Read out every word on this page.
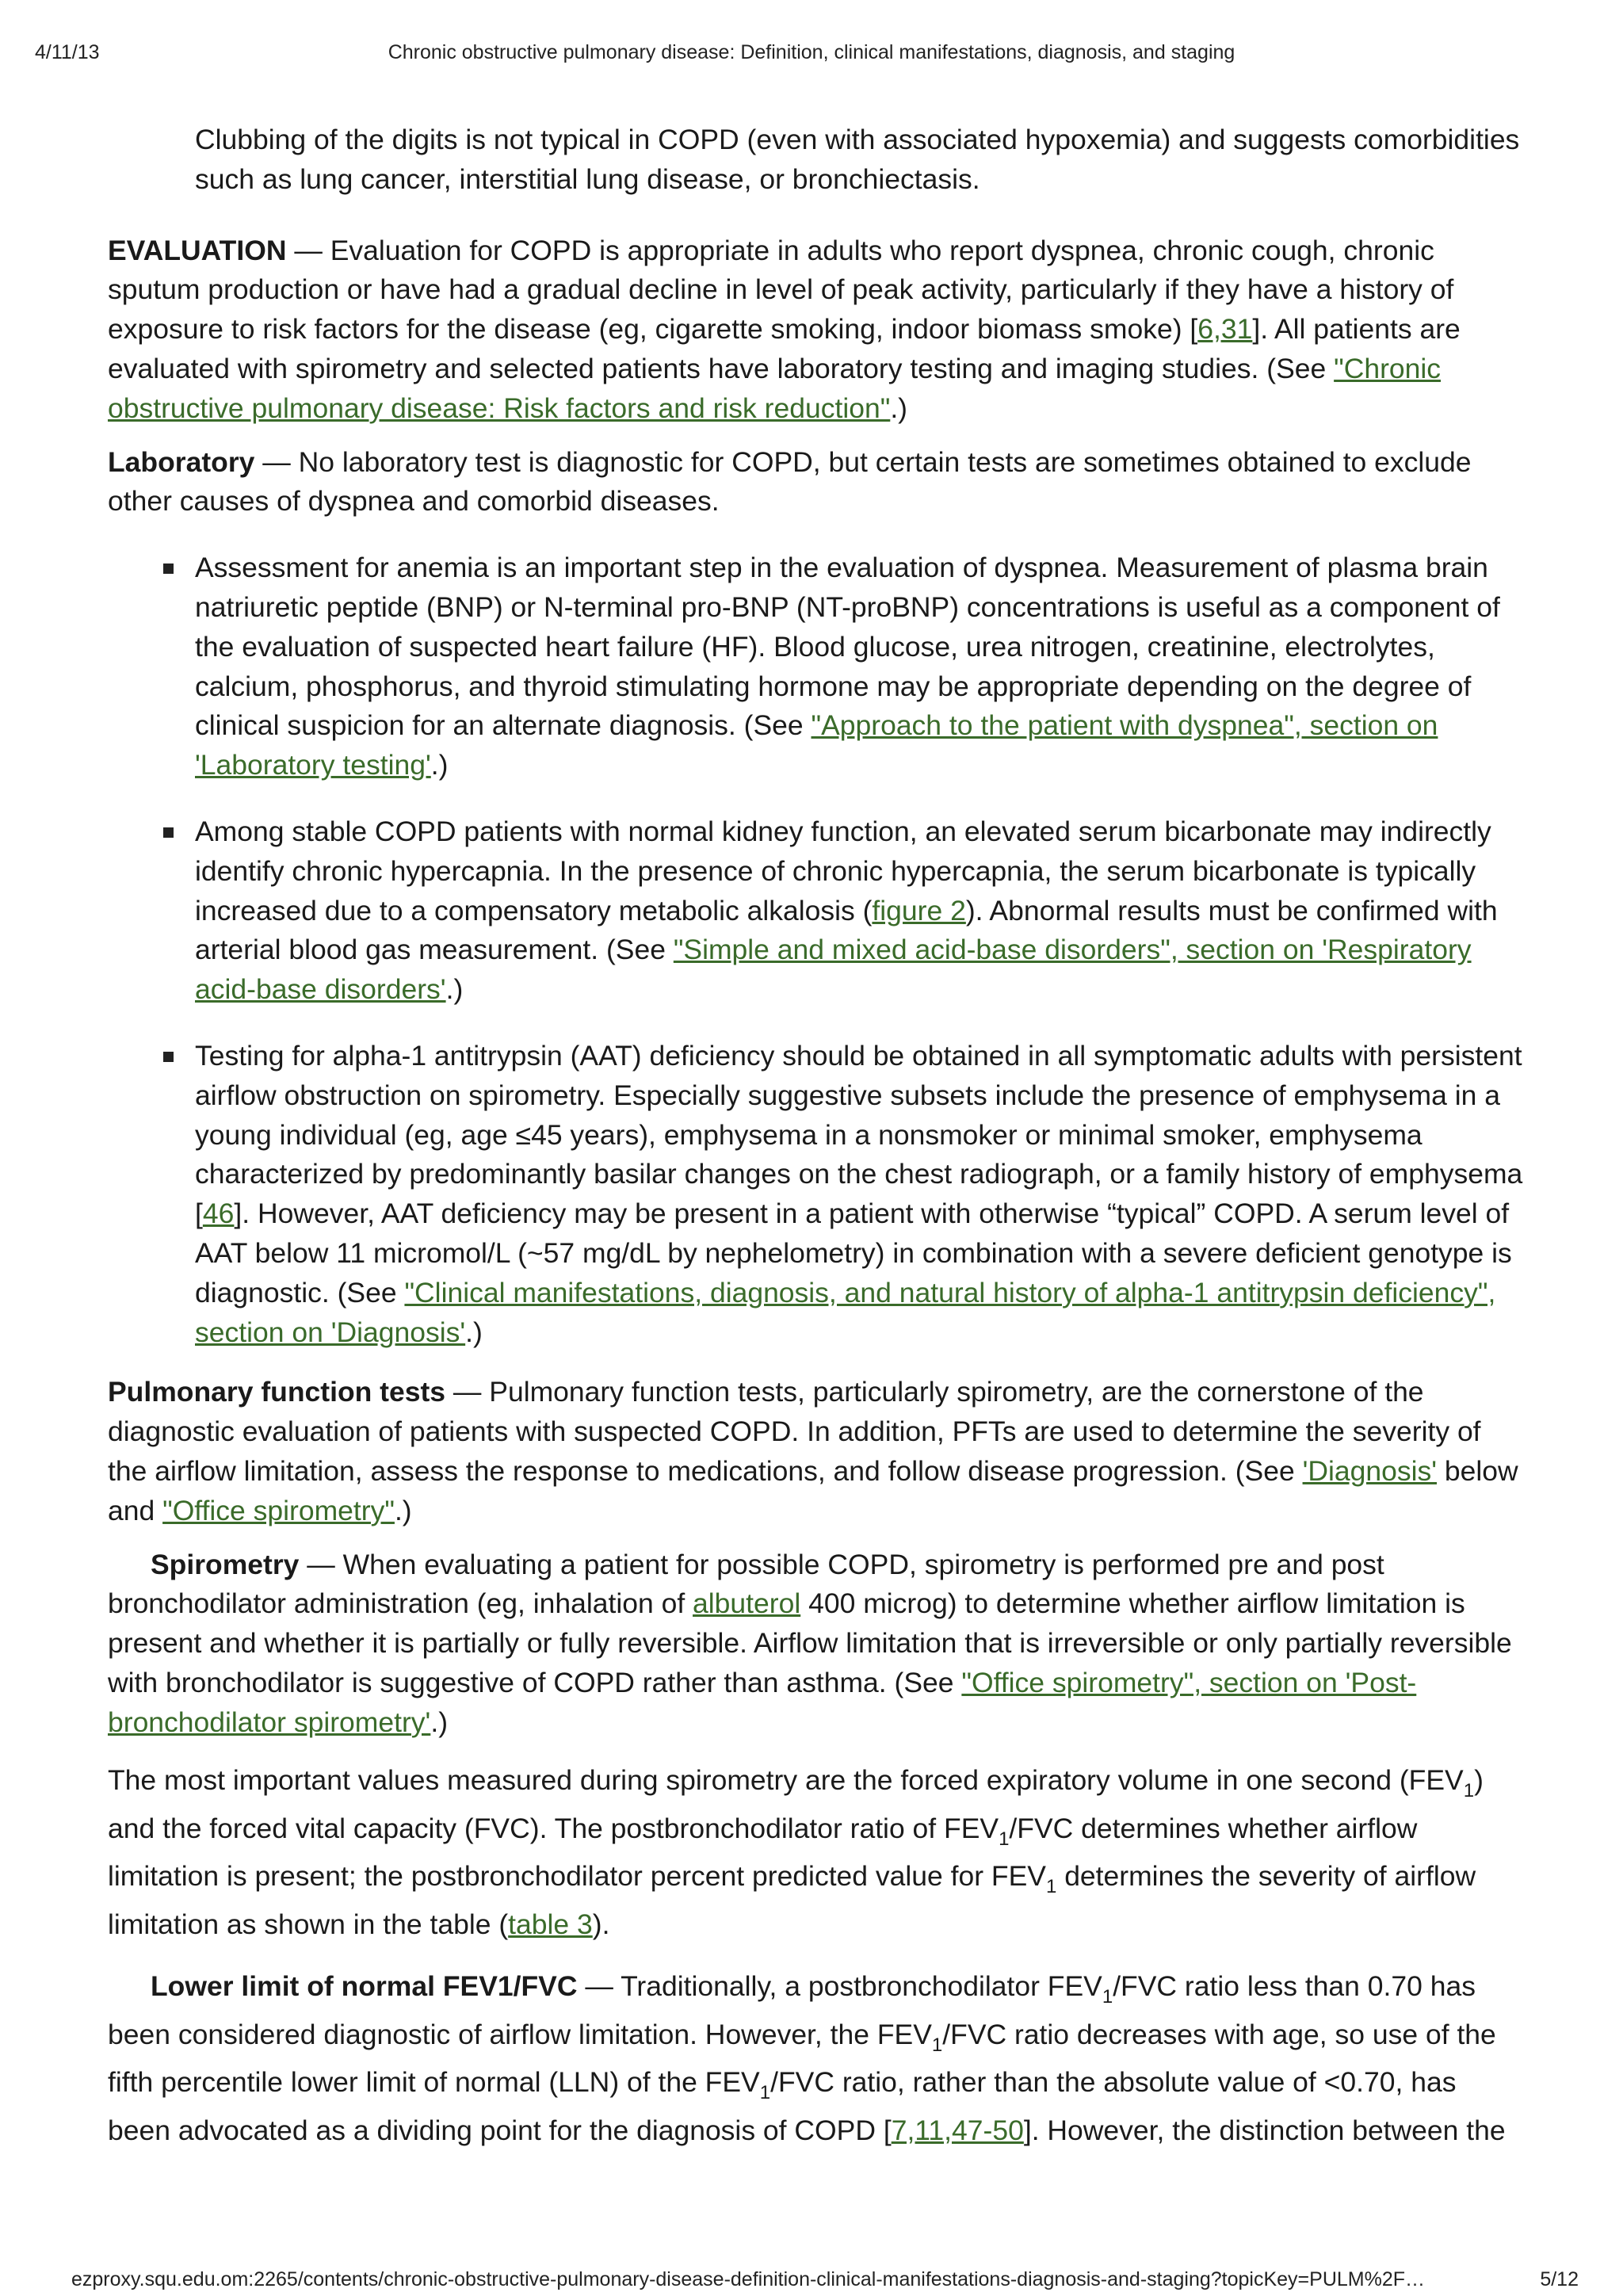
4/11/13	Chronic obstructive pulmonary disease: Definition, clinical manifestations, diagnosis, and staging

Clubbing of the digits is not typical in COPD (even with associated hypoxemia) and suggests comorbidities such as lung cancer, interstitial lung disease, or bronchiectasis.

EVALUATION — Evaluation for COPD is appropriate in adults who report dyspnea, chronic cough, chronic sputum production or have had a gradual decline in level of peak activity, particularly if they have a history of exposure to risk factors for the disease (eg, cigarette smoking, indoor biomass smoke) [6,31]. All patients are evaluated with spirometry and selected patients have laboratory testing and imaging studies. (See "Chronic obstructive pulmonary disease: Risk factors and risk reduction".)

Laboratory — No laboratory test is diagnostic for COPD, but certain tests are sometimes obtained to exclude other causes of dyspnea and comorbid diseases.

Assessment for anemia is an important step in the evaluation of dyspnea. Measurement of plasma brain natriuretic peptide (BNP) or N-terminal pro-BNP (NT-proBNP) concentrations is useful as a component of the evaluation of suspected heart failure (HF). Blood glucose, urea nitrogen, creatinine, electrolytes, calcium, phosphorus, and thyroid stimulating hormone may be appropriate depending on the degree of clinical suspicion for an alternate diagnosis. (See "Approach to the patient with dyspnea", section on 'Laboratory testing'.)
Among stable COPD patients with normal kidney function, an elevated serum bicarbonate may indirectly identify chronic hypercapnia. In the presence of chronic hypercapnia, the serum bicarbonate is typically increased due to a compensatory metabolic alkalosis (figure 2). Abnormal results must be confirmed with arterial blood gas measurement. (See "Simple and mixed acid-base disorders", section on 'Respiratory acid-base disorders'.)
Testing for alpha-1 antitrypsin (AAT) deficiency should be obtained in all symptomatic adults with persistent airflow obstruction on spirometry. Especially suggestive subsets include the presence of emphysema in a young individual (eg, age ≤45 years), emphysema in a nonsmoker or minimal smoker, emphysema characterized by predominantly basilar changes on the chest radiograph, or a family history of emphysema [46]. However, AAT deficiency may be present in a patient with otherwise “typical” COPD. A serum level of AAT below 11 micromol/L (~57 mg/dL by nephelometry) in combination with a severe deficient genotype is diagnostic. (See "Clinical manifestations, diagnosis, and natural history of alpha-1 antitrypsin deficiency", section on 'Diagnosis'.)

Pulmonary function tests — Pulmonary function tests, particularly spirometry, are the cornerstone of the diagnostic evaluation of patients with suspected COPD. In addition, PFTs are used to determine the severity of the airflow limitation, assess the response to medications, and follow disease progression. (See 'Diagnosis' below and "Office spirometry".)

Spirometry — When evaluating a patient for possible COPD, spirometry is performed pre and post bronchodilator administration (eg, inhalation of albuterol 400 microg) to determine whether airflow limitation is present and whether it is partially or fully reversible. Airflow limitation that is irreversible or only partially reversible with bronchodilator is suggestive of COPD rather than asthma. (See "Office spirometry", section on 'Post-bronchodilator spirometry'.)

The most important values measured during spirometry are the forced expiratory volume in one second $(FEV_1)$ and the forced vital capacity (FVC). The postbronchodilator ratio of $FEV_1$/FVC determines whether airflow limitation is present; the postbronchodilator percent predicted value for $FEV_1$ determines the severity of airflow limitation as shown in the table (table 3).

Lower limit of normal FEV1/FVC — Traditionally, a postbronchodilator $FEV_1$/FVC ratio less than 0.70 has been considered diagnostic of airflow limitation. However, the $FEV_1$/FVC ratio decreases with age, so use of the fifth percentile lower limit of normal (LLN) of the $FEV_1$/FVC ratio, rather than the absolute value of <0.70, has been advocated as a dividing point for the diagnosis of COPD [7,11,47-50]. However, the distinction between the

ezproxy.squ.edu.om:2265/contents/chronic-obstructive-pulmonary-disease-definition-clinical-manifestations-diagnosis-and-staging?topicKey=PULM%2F…	5/12
